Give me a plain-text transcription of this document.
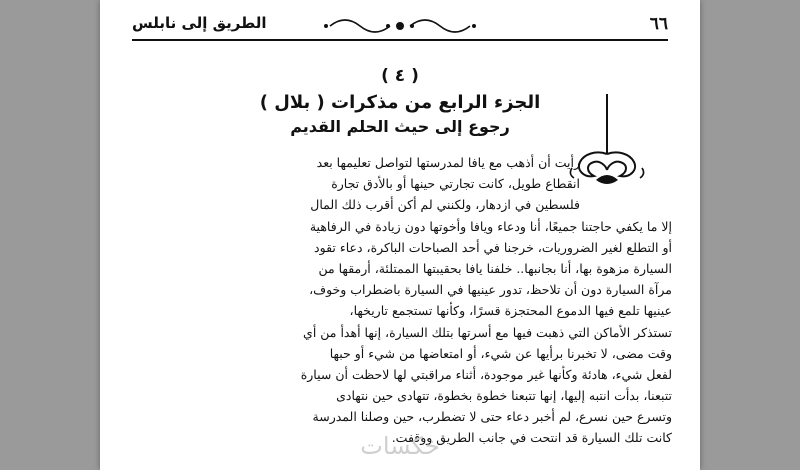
٦٦
الطريق إلى نابلس
( ٤ )
الجزء الرابع من مذكرات ( بلال )
رجوع إلى حيث الحلم القديم
رأيت أن أذهب مع يافا لمدرستها لتواصل تعليمها بعد
انقطاع طويل، كانت تجارتي حينها أو بالأدق تجارة
فلسطين في ازدهار، ولكنني لم أكن أقرب ذلك المال
إلا ما يكفي حاجتنا جميعًا، أنا ودعاء ويافا وأخوتها دون زيادة في الرفاهية
أو التطلع لغير الضروريات، خرجنا في أحد الصباحات الباكرة، دعاء تقود
السيارة مزهوة بها، أنا بجانبها.. خلفنا يافا بحقيبتها الممتلئة، أرمقها من
مرآة السيارة دون أن تلاحظ، تدور عينيها في السيارة باضطراب وخوف،
عينيها تلمع فيها الدموع المحتجزة قسرًا، وكأنها تستجمع تاريخها،
تستذكر الأماكن التي ذهبت فيها مع أسرتها بتلك السيارة، إنها أهدأ من أي
وقت مضى، لا تخبرنا برأيها عن شيء، أو امتعاضها من شيء أو حبها
لفعل شيء، هادئة وكأنها غير موجودة، أثناء مراقبتي لها لاحظت أن سيارة
تتبعنا، بدأت انتبه إليها، إنها تتبعنا خطوة بخطوة، تتهادى حين نتهادى
وتسرع حين نسرع، لم أخبر دعاء حتى لا تضطرب، حين وصلنا المدرسة
كانت تلك السيارة قد انتحت في جانب الطريق ووقفت.
خكسات
